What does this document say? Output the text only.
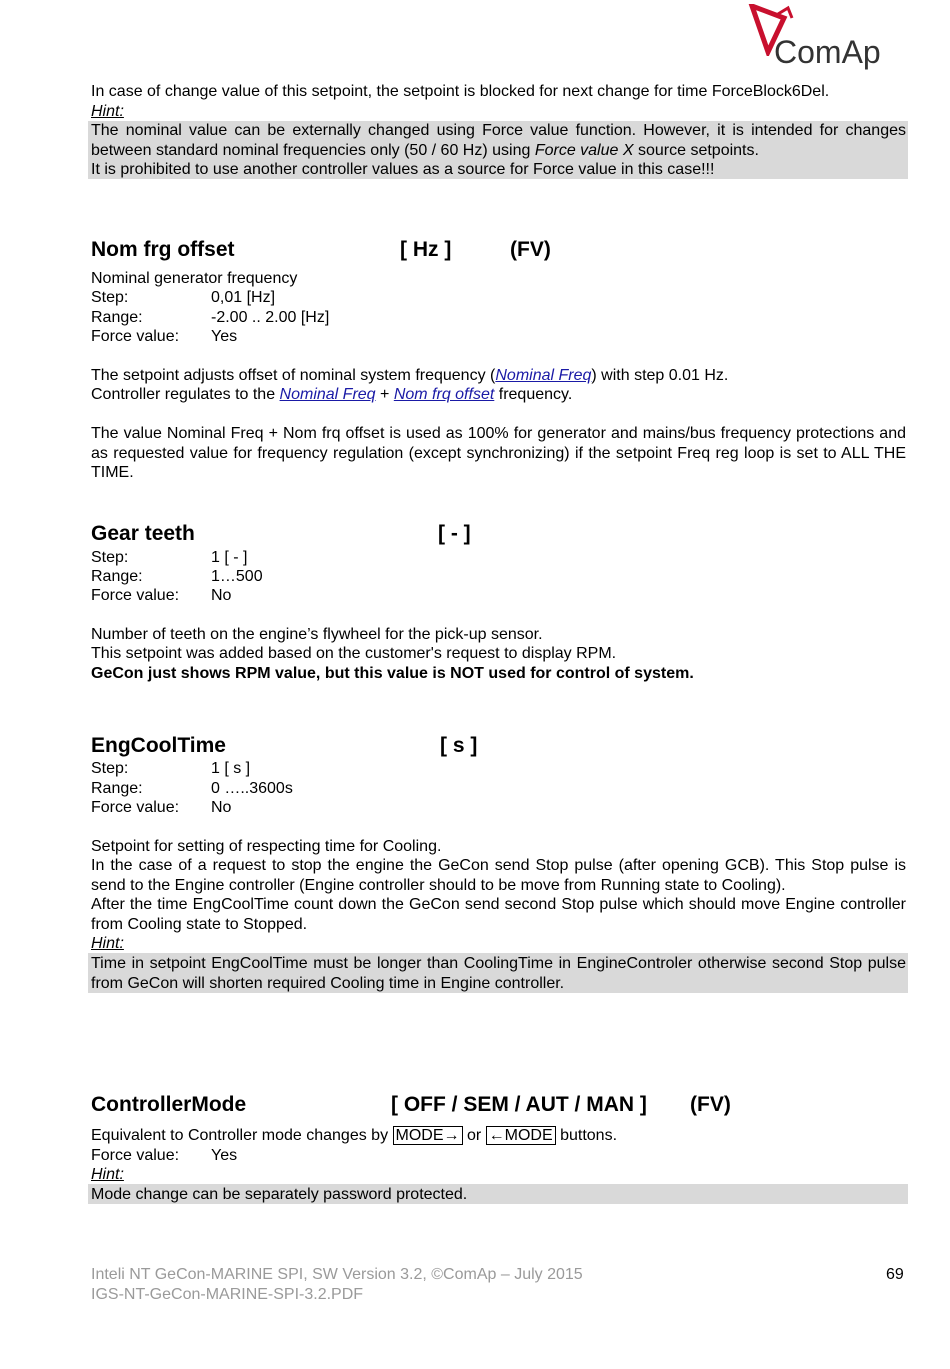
ComAp
In case of change value of this setpoint, the setpoint is blocked for next change for time ForceBlock6Del.
Hint:
The nominal value can be externally changed using Force value function. However, it is intended for changes between standard nominal frequencies only (50 / 60 Hz) using Force value X source setpoints.
It is prohibited to use another controller values as a source for Force value in this case!!!
Nom frg offset	[ Hz ]	(FV)
Nominal generator frequency
Step:	0,01 [Hz]
Range:	-2.00 .. 2.00 [Hz]
Force value: Yes
The setpoint adjusts offset of nominal system frequency (Nominal Freq) with step 0.01 Hz.
Controller regulates to the Nominal Freq + Nom frq offset frequency.
The value Nominal Freq + Nom frq offset is used as 100% for generator and mains/bus frequency protections and as requested value for frequency regulation (except synchronizing) if the setpoint Freq reg loop is set to ALL THE TIME.
Gear teeth	[ - ]
Step:	1 [ - ]
Range:	1…500
Force value: No
Number of teeth on the engine’s flywheel for the pick-up sensor.
This setpoint was added based on the customer's request to display RPM.
GeCon just shows RPM value, but this value is NOT used for control of system.
EngCoolTime	[ s ]
Step:	1 [ s ]
Range:	0 …..3600s
Force value: No
Setpoint for setting of respecting time for Cooling.
In the case of a request to stop the engine the GeCon send Stop pulse (after opening GCB). This Stop pulse is send to the Engine controller (Engine controller should to be move from Running state to Cooling).
After the time EngCoolTime count down the GeCon send second Stop pulse which should move Engine controller from Cooling state to Stopped.
Hint:
Time in setpoint EngCoolTime must be longer than CoolingTime in EngineControler otherwise second Stop pulse from GeCon will shorten required Cooling time in Engine controller.
ControllerMode	[ OFF / SEM / AUT / MAN ] (FV)
Equivalent to Controller mode changes by MODE→ or ←MODE buttons.
Force value: Yes
Hint:
Mode change can be separately password protected.
Inteli NT GeCon-MARINE SPI, SW Version 3.2, ©ComAp – July 2015
IGS-NT-GeCon-MARINE-SPI-3.2.PDF
69
